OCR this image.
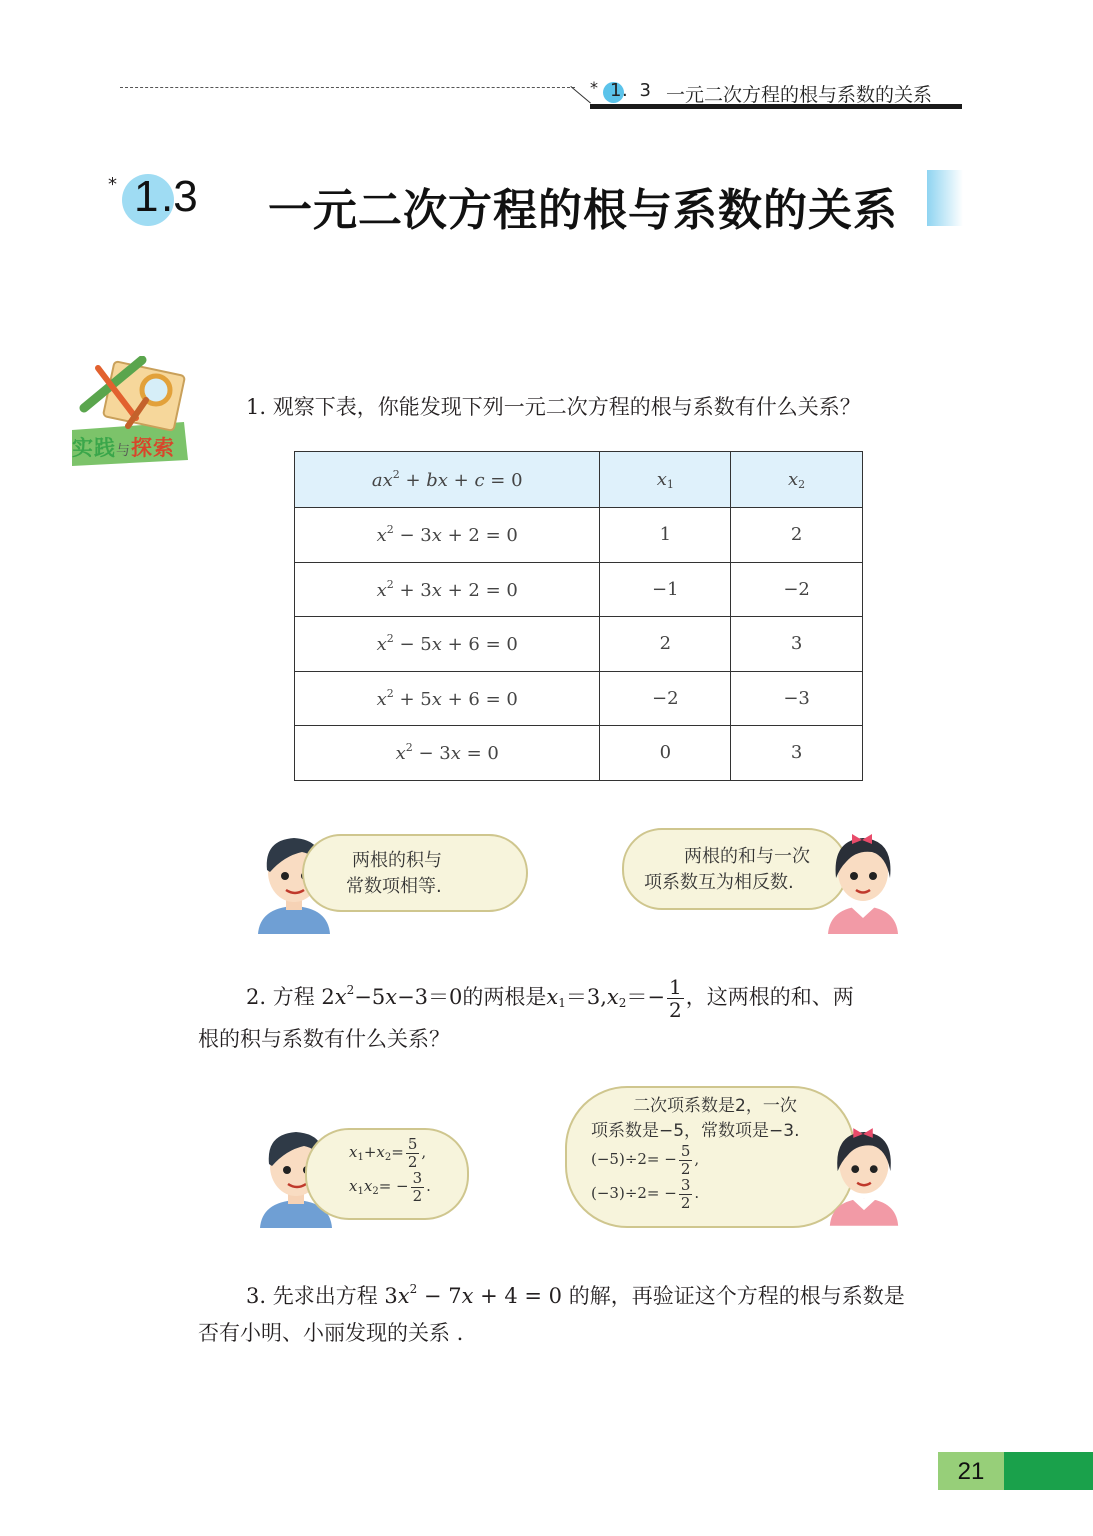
* 1 . 3 一元二次方程的根与系数的关系
* 1 .3 一元二次方程的根与系数的关系
实践与探索
1. 观察下表，你能发现下列一元二次方程的根与系数有什么关系？
$ax^2$ + bx + c = 0	x1	x2
$x^2 - 3x + 2 = 0$	1	2
$x^2 + 3x + 2 = 0$	−1	−2
$x^2 - 5x + 6 = 0$	2	3
$x^2 + 5x + 6 = 0$	−2	−3
$x^2 - 3x = 0$	0	3
两根的积与
常数项相等.
两根的和与一次
项系数互为相反数.
2. 方程 $2x^2-5x-3=0$的两根是$x_1=3,x_2=- \frac{1}{2}$ ，这两根的和、两
根的积与系数有什么关系？
$x_1+x_2= \frac{5}{2}$ ,
$x_1x_2= - \frac{3}{2}$ .
二次项系数是2，一次
项系数是−5，常数项是−3.
$(-5)\div 2= - \frac{5}{2}$ ,
$(-3)\div 2= - \frac{3}{2}$ .
3. 先求出方程 $3x^2 - 7x + 4 = 0$ 的解，再验证这个方程的根与系数是
否有小明、小丽发现的关系 .
21
